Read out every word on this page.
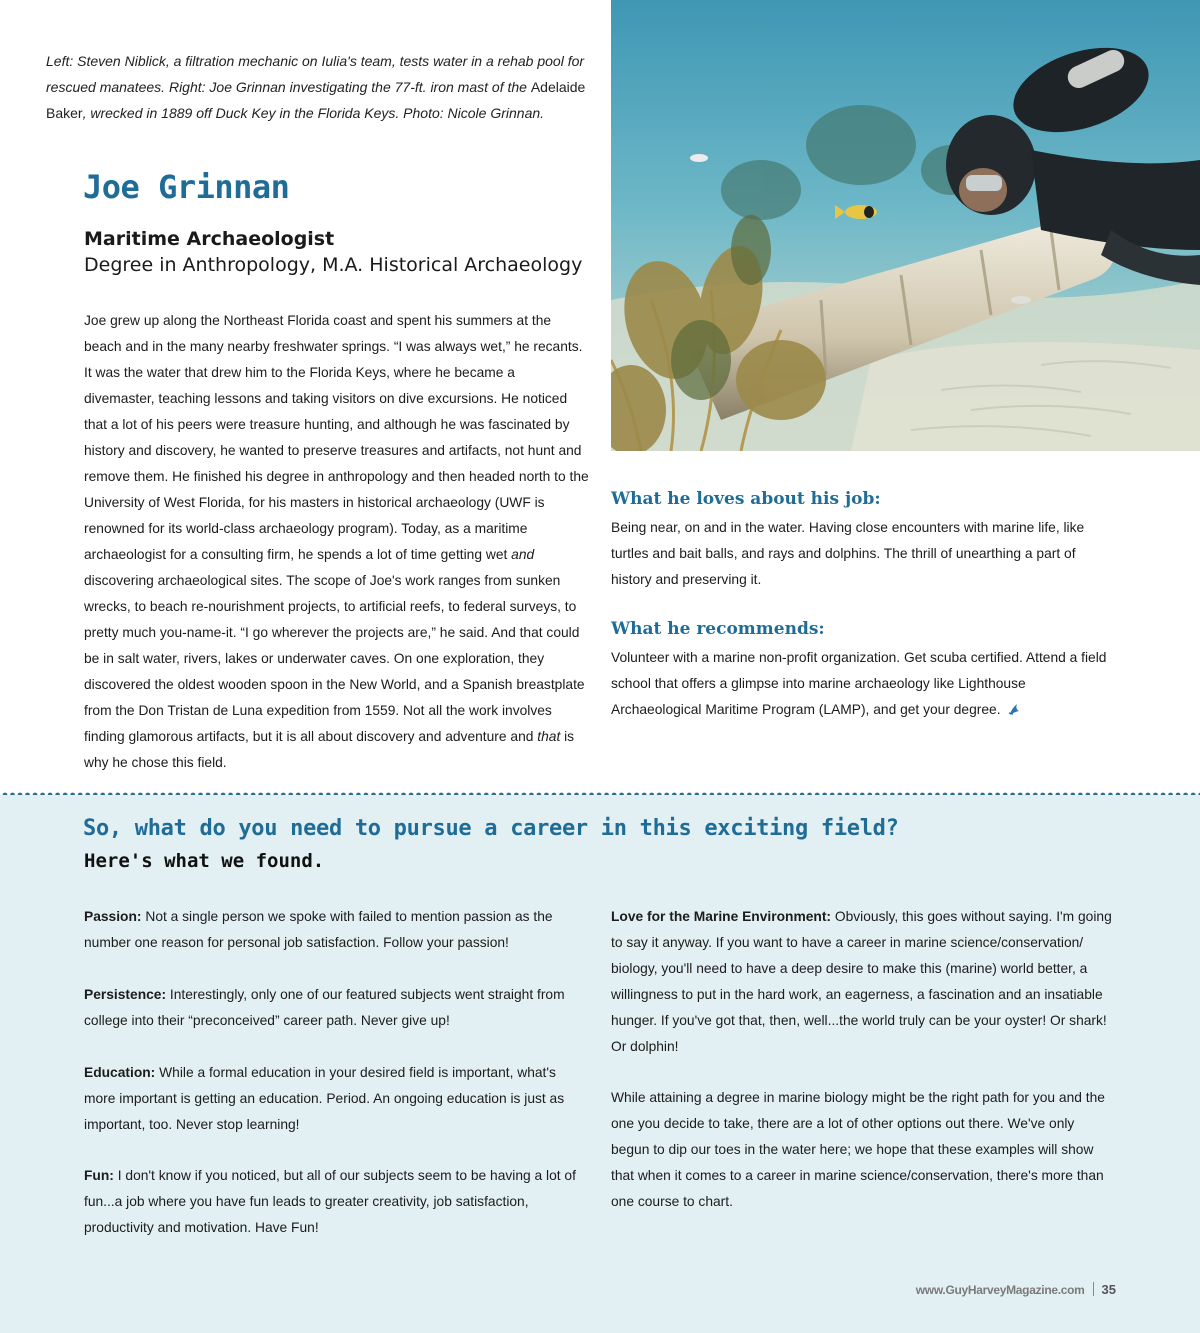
Left: Steven Niblick, a filtration mechanic on Iulia's team, tests water in a rehab pool for rescued manatees. Right: Joe Grinnan investigating the 77-ft. iron mast of the Adelaide Baker, wrecked in 1889 off Duck Key in the Florida Keys. Photo: Nicole Grinnan.

Joe Grinnan

Maritime Archaeologist

Degree in Anthropology, M.A. Historical Archaeology

Joe grew up along the Northeast Florida coast and spent his summers at the beach and in the many nearby freshwater springs. “I was always wet,” he recants. It was the water that drew him to the Florida Keys, where he became a divemaster, teaching lessons and taking visitors on dive excursions. He noticed that a lot of his peers were treasure hunting, and although he was fascinated by history and discovery, he wanted to preserve treasures and artifacts, not hunt and remove them. He finished his degree in anthropology and then headed north to the University of West Florida, for his masters in historical archaeology (UWF is renowned for its world-class archaeology program). Today, as a maritime archaeologist for a consulting firm, he spends a lot of time getting wet and discovering archaeological sites. The scope of Joe's work ranges from sunken wrecks, to beach re-nourishment projects, to artificial reefs, to federal surveys, to pretty much you-name-it. “I go wherever the projects are,” he said. And that could be in salt water, rivers, lakes or underwater caves. On one exploration, they discovered the oldest wooden spoon in the New World, and a Spanish breastplate from the Don Tristan de Luna expedition from 1559. Not all the work involves finding glamorous artifacts, but it is all about discovery and adventure and that is why he chose this field.

What he loves about his job:

Being near, on and in the water. Having close encounters with marine life, like turtles and bait balls, and rays and dolphins. The thrill of unearthing a part of history and preserving it.

What he recommends:

Volunteer with a marine non-profit organization. Get scuba certified. Attend a field school that offers a glimpse into marine archaeology like Lighthouse Archaeological Maritime Program (LAMP), and get your degree.

So, what do you need to pursue a career in this exciting field?

Here's what we found.

Passion: Not a single person we spoke with failed to mention passion as the number one reason for personal job satisfaction. Follow your passion!

Persistence: Interestingly, only one of our featured subjects went straight from college into their “preconceived” career path. Never give up!

Education: While a formal education in your desired field is important, what's more important is getting an education. Period. An ongoing education is just as important, too. Never stop learning!

Fun: I don't know if you noticed, but all of our subjects seem to be having a lot of fun...a job where you have fun leads to greater creativity, job satisfaction, productivity and motivation. Have Fun!

Love for the Marine Environment: Obviously, this goes without saying. I'm going to say it anyway. If you want to have a career in marine science/conservation/ biology, you'll need to have a deep desire to make this (marine) world better, a willingness to put in the hard work, an eagerness, a fascination and an insatiable hunger. If you've got that, then, well...the world truly can be your oyster! Or shark! Or dolphin!

While attaining a degree in marine biology might be the right path for you and the one you decide to take, there are a lot of other options out there. We've only begun to dip our toes in the water here; we hope that these examples will show that when it comes to a career in marine science/conservation, there's more than one course to chart.

www.GuyHarveyMagazine.com 35
